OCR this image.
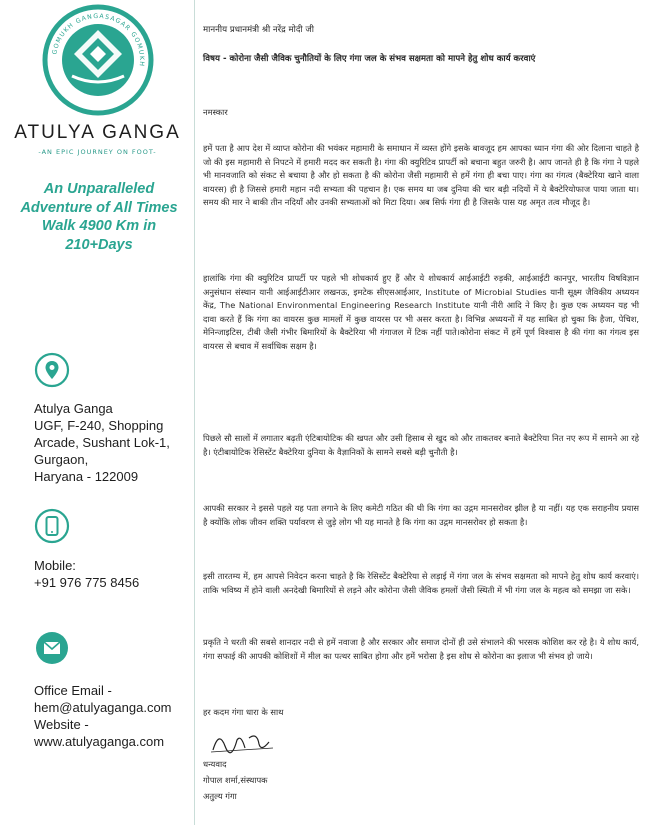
GOMUKH GANGASAGAR GOMUKH
ATULYA GANGA
-AN EPIC JOURNEY ON FOOT-
An Unparalleled
Adventure of All Times
Walk 4900 Km in
210+Days
Atulya Ganga
UGF, F-240, Shopping
Arcade, Sushant Lok-1,
Gurgaon,
Haryana - 122009
Mobile:
+91 976 775 8456
Office Email -
hem@atulyaganga.com
Website -
www.atulyaganga.com

माननीय प्रधानमंत्री श्री नरेंद्र मोदी जी

विषय - कोरोना जैसी जैविक चुनौतियों के लिए गंगा जल के संभव सक्षमता को मापने हेतु शोध कार्य करवाएं

नमस्कार

हमें पता है आप देश में व्याप्त कोरोना की भयंकर महामारी के समाधान में व्यस्त होंगे इसके बावजूद हम आपका ध्यान गंगा की ओर दिलाना चाहते है जो की इस महामारी से निपटने में हमारी मदद कर सकती है। गंगा की क्युरिटिव प्रापर्टी को बचाना बहुत जरुरी है। आप जानते ही है कि गंगा ने पहले भी मानवजाति को संकट से बचाया है और हो सकता है की कोरोना जैसी महामारी से हमें गंगा ही बचा पाए। गंगा का गंगत्व (बैक्टेरिया खाने वाला वायरस) ही है जिससे हमारी महान नदी सभ्यता की पहचान है। एक समय था जब दुनिया की चार बड़ी नदियों में ये बैक्टेरियोफाज पाया जाता था। समय की मार ने बाकी तीन नदियाँ और उनकी सभ्यताओं को मिटा दिया। अब सिर्फ गंगा ही है जिसके पास यह अमृत तत्व मौजूद है।

हालांकि गंगा की क्युरिटिव प्रापर्टी पर पहले भी शोधकार्य हुए हैं और ये शोधकार्य आईआईटी रुड़की, आईआईटी कानपुर, भारतीय विषविज्ञान अनुसंधान संस्थान यानी आईआईटीआर लखनऊ, इमटेक सीएसआईआर, Institute of Microbial Studies यानी सूक्ष्म जैविकीय अध्ययन केंद्र, The National Environmental Engineering Research Institute यानी नीरी आदि ने किए है। कुछ एक अध्ययन यह भी दावा करते हैं कि गंगा का वायरस कुछ मामलों में कुछ वायरस पर भी असर करता है। विभिन्न अध्ययनों में यह साबित हो चुका कि हैजा, पेचिश, मेनिन्जाइटिस, टीबी जैसी गंभीर बिमारियों के बैक्टेरिया भी गंगाजल में टिक नहीं पाते।कोरोना संकट में हमें पूर्ण विश्वास है की गंगा का गंगत्व इस वायरस से बचाव में सर्वाधिक सक्षम है।

पिछले सौ सालों में लगातार बढ़ती एंटिबायोटिक की खपत और उसी हिसाब से खुद को और ताकतवर बनाते बैक्टेरिया नित नए रूप में सामने आ रहे है। एंटीबायोटिक रेसिस्टेंट बैक्टेरिया दुनिया के वैज्ञानिकों के सामने सबसे बड़ी चुनौती है।

आपकी सरकार ने इससे पहले यह पता लगाने के लिए कमेटी गठित की थी कि गंगा का उद्गम मानसरोवर झील है या नहीं। यह एक सराहनीय प्रयास है क्योंकि लोक जीवन शक्ति पर्यावरण से जुड़े लोग भी यह मानते है कि गंगा का उद्गम मानसरोवर हो सकता है।

इसी तारतम्य में, हम आपसे निवेदन करना चाहते है कि रेसिस्टेंट बैक्टेरिया से लड़ाई में गंगा जल के संभव सक्षमता को मापने हेतु शोध कार्य करवाएं। ताकि भविष्य में होने वाली अनदेखी बिमारियों से लड़ने और कोरोना जैसी जैविक हमलों जैसी स्थिती में भी गंगा जल के महत्व को समझा जा सके।

प्रकृति ने धरती की सबसे शानदार नदी से हमें नवाजा है और सरकार और समाज दोनों ही उसे संभालने की भरसक कोशिश कर रहे है। ये शोध कार्य, गंगा सफाई की आपकी कोशिशों में मील का पत्थर साबित होगा और हमें भरोसा है इस शोध से कोरोना का इलाज भी संभव हो जाये।

हर कदम गंगा धारा के साथ

धन्यवाद
गोपाल शर्मा,संस्थापक
अतुल्य गंगा
